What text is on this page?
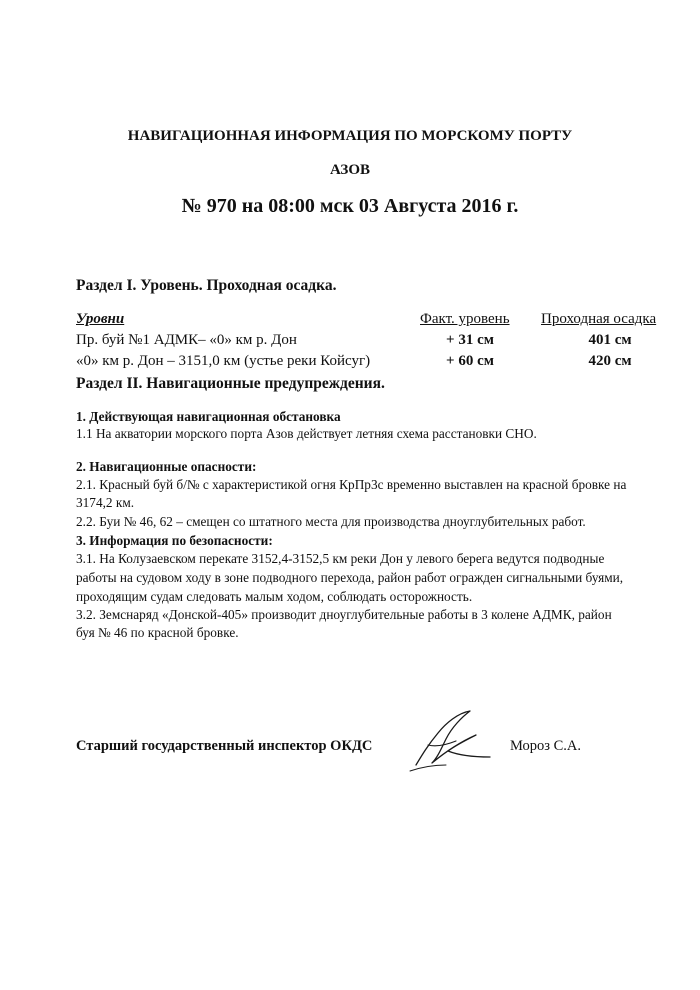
НАВИГАЦИОННАЯ ИНФОРМАЦИЯ ПО МОРСКОМУ ПОРТУ
АЗОВ
№ 970 на 08:00 мск 03 Августа 2016 г.
Раздел I. Уровень. Проходная осадка.
Уровни	Факт. уровень Проходная осадка
Пр. буй №1 АДМК– «0» км р. Дон	+ 31 см	401 см
«0» км р. Дон – 3151,0 км (устье реки Койсуг)	+ 60 см	420 см
Раздел II. Навигационные предупреждения.
1. Действующая навигационная обстановка
1.1 На акватории морского порта Азов действует летняя схема расстановки СНО.
2. Навигационные опасности:
2.1. Красный буй б/№ с характеристикой огня КрПр3с временно выставлен на красной бровке на
3174,2 км.
2.2. Буи № 46, 62 – смещен со штатного места для производства дноуглубительных работ.
3. Информация по безопасности:
3.1. На Колузаевском перекате 3152,4-3152,5 км реки Дон у левого берега ведутся подводные
работы на судовом ходу в зоне подводного перехода, район работ огражден сигнальными буями,
проходящим судам следовать малым ходом, соблюдать осторожность.
3.2. Земснаряд «Донской-405» производит дноуглубительные работы в 3 колене АДМК, район
буя № 46 по красной бровке.
Старший государственный инспектор ОКДС	Мороз С.А.
